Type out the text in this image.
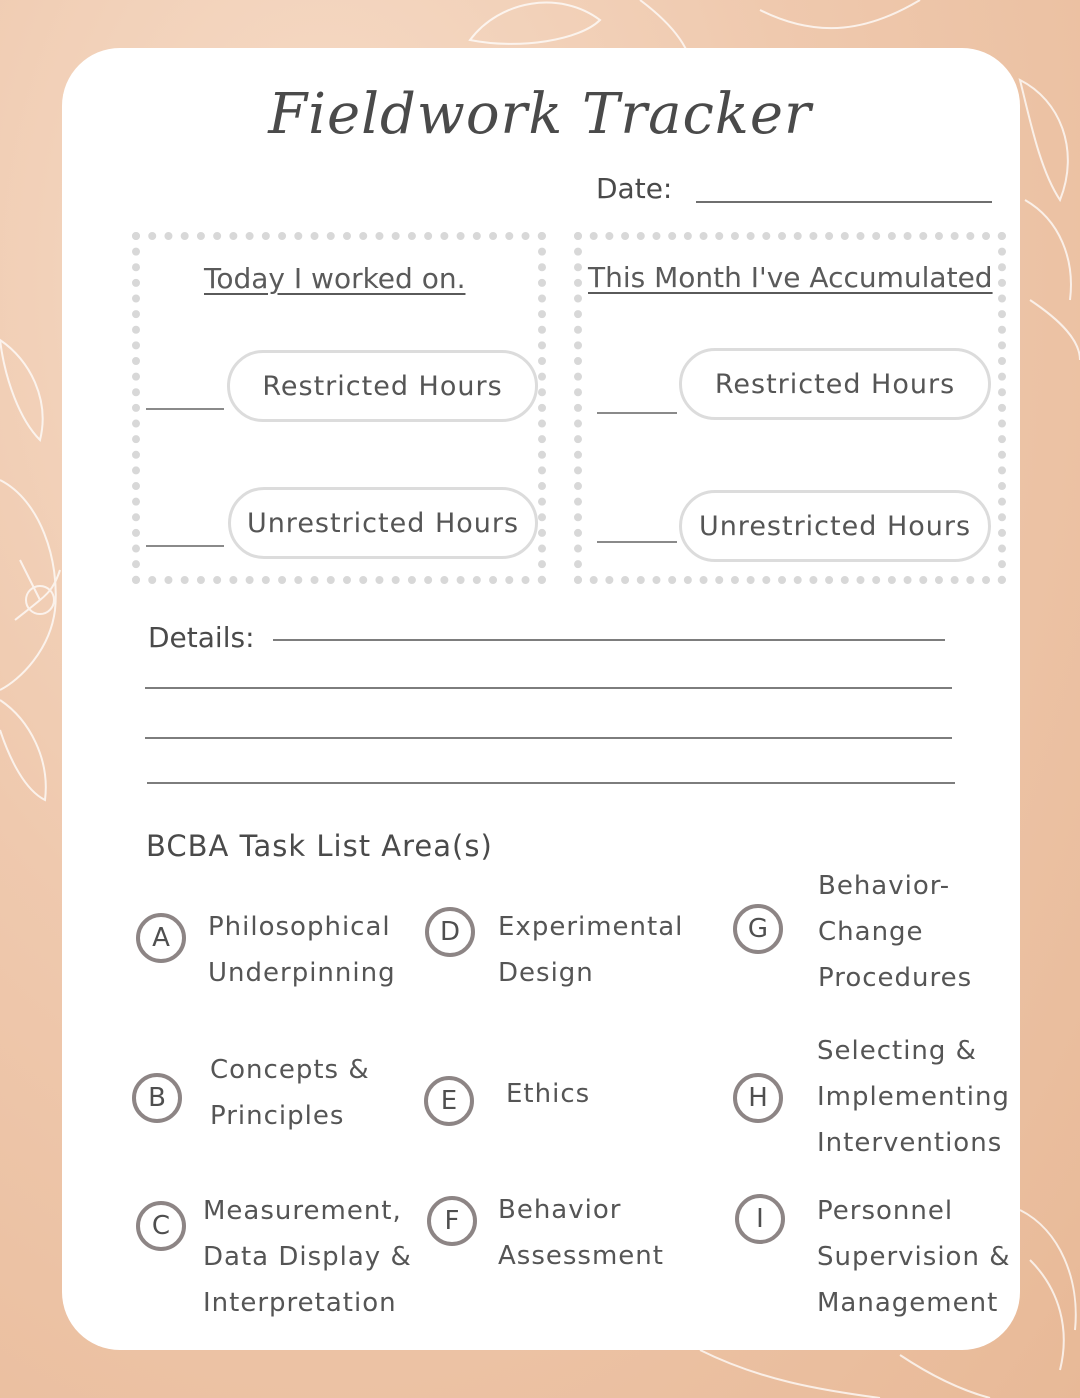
Fieldwork Tracker
Date:
Today I worked on.
Restricted Hours
Unrestricted Hours
This Month I've Accumulated
Restricted Hours
Unrestricted Hours
Details:
BCBA Task List Area(s)
A	Philosophical
Underpinning
B
Concepts &
Principles
C	Measurement,
Data Display &
Interpretation
D	Experimental
Design
E	Ethics
F	Behavior
Assessment
G
Behavior-
Change
Procedures
H
Selecting &
Implementing
Interventions
I	Personnel
Supervision &
Management
